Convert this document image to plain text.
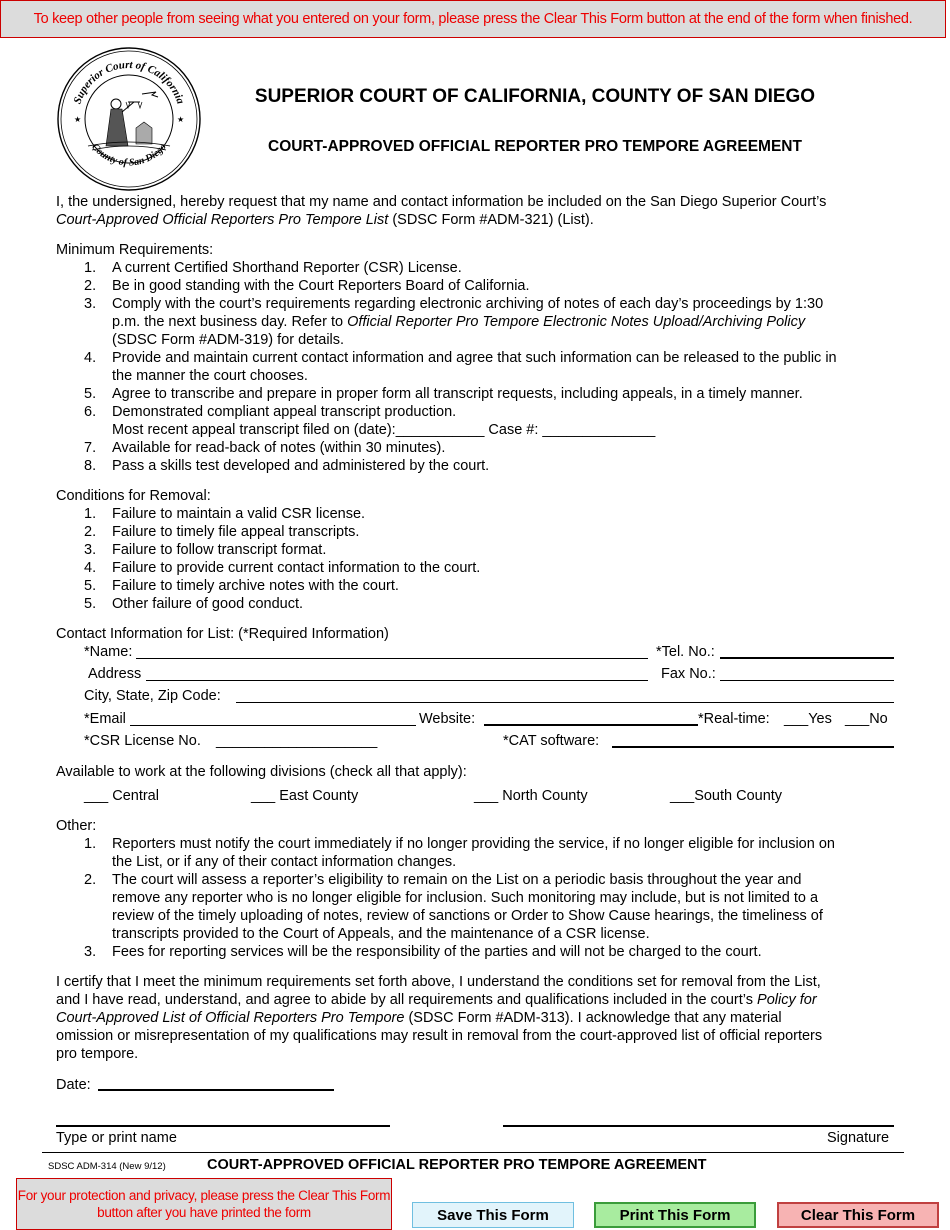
To keep other people from seeing what you entered on your form, please press the Clear This Form button at the end of the form when finished.
Superior Court of California
County of San Diego
★	★
SUPERIOR COURT OF CALIFORNIA, COUNTY OF SAN DIEGO
COURT-APPROVED OFFICIAL REPORTER PRO TEMPORE AGREEMENT
I, the undersigned, hereby request that my name and contact information be included on the San Diego Superior Court’s
Court-Approved Official Reporters Pro Tempore List (SDSC Form #ADM-321) (List).
Minimum Requirements:
1.	A current Certified Shorthand Reporter (CSR) License.
2.	Be in good standing with the Court Reporters Board of California.
3.	Comply with the court’s requirements regarding electronic archiving of notes of each day’s proceedings by 1:30
p.m. the next business day. Refer to Official Reporter Pro Tempore Electronic Notes Upload/Archiving Policy
(SDSC Form #ADM-319) for details.
4.	Provide and maintain current contact information and agree that such information can be released to the public in
the manner the court chooses.
5.	Agree to transcribe and prepare in proper form all transcript requests, including appeals, in a timely manner.
6.	Demonstrated compliant appeal transcript production.
Most recent appeal transcript filed on (date):___________ Case #: ______________
7.	Available for read-back of notes (within 30 minutes).
8.	Pass a skills test developed and administered by the court.
Conditions for Removal:
1.	Failure to maintain a valid CSR license.
2.	Failure to timely file appeal transcripts.
3.	Failure to follow transcript format.
4.	Failure to provide current contact information to the court.
5.	Failure to timely archive notes with the court.
5.	Other failure of good conduct.
Contact Information for List: (*Required Information)
*Name:	*Tel. No.:
Address	Fax No.:
City, State, Zip Code:
*Email	Website:	*Real-time: ___Yes ___No
*CSR License No. ____________________	*CAT software:
Available to work at the following divisions (check all that apply):
___ Central	___ East County	___ North County	___South County
Other:
1.	Reporters must notify the court immediately if no longer providing the service, if no longer eligible for inclusion on
the List, or if any of their contact information changes.
2.	The court will assess a reporter’s eligibility to remain on the List on a periodic basis throughout the year and
remove any reporter who is no longer eligible for inclusion. Such monitoring may include, but is not limited to a
review of the timely uploading of notes, review of sanctions or Order to Show Cause hearings, the timeliness of
transcripts provided to the Court of Appeals, and the maintenance of a CSR license.
3.	Fees for reporting services will be the responsibility of the parties and will not be charged to the court.
I certify that I meet the minimum requirements set forth above, I understand the conditions set for removal from the List,
and I have read, understand, and agree to abide by all requirements and qualifications included in the court’s Policy for
Court-Approved List of Official Reporters Pro Tempore (SDSC Form #ADM-313). I acknowledge that any material
omission or misrepresentation of my qualifications may result in removal from the court-approved list of official reporters
pro tempore.
Date:
Type or print name	Signature
SDSC ADM-314 (New 9/12)	COURT-APPROVED OFFICIAL REPORTER PRO TEMPORE AGREEMENT
For your protection and privacy, please press the Clear This Form button after you have printed the form	Save This Form	Print This Form	Clear This Form
